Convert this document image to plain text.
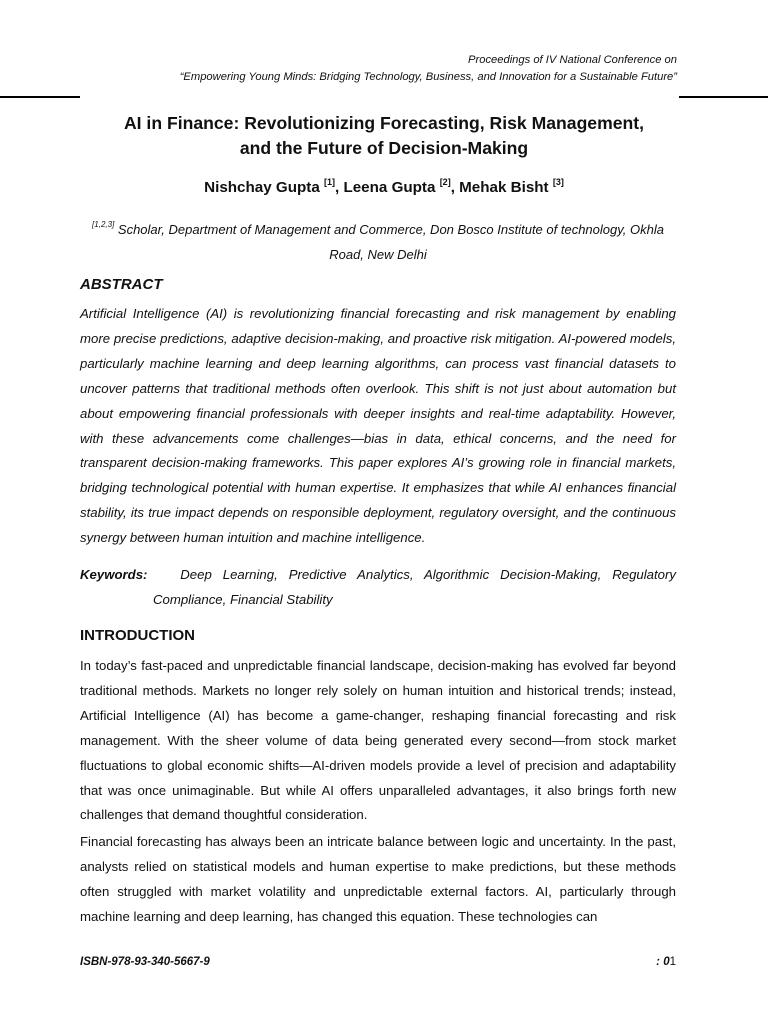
Proceedings of IV National Conference on
“Empowering Young Minds: Bridging Technology, Business, and Innovation for a Sustainable Future”
AI in Finance: Revolutionizing Forecasting, Risk Management,
and the Future of Decision-Making
Nishchay Gupta [1], Leena Gupta [2], Mehak Bisht [3]
[1,2,3] Scholar, Department of Management and Commerce, Don Bosco Institute of technology, Okhla Road, New Delhi
ABSTRACT
Artificial Intelligence (AI) is revolutionizing financial forecasting and risk management by enabling more precise predictions, adaptive decision-making, and proactive risk mitigation. AI-powered models, particularly machine learning and deep learning algorithms, can process vast financial datasets to uncover patterns that traditional methods often overlook. This shift is not just about automation but about empowering financial professionals with deeper insights and real-time adaptability. However, with these advancements come challenges—bias in data, ethical concerns, and the need for transparent decision-making frameworks. This paper explores AI’s growing role in financial markets, bridging technological potential with human expertise. It emphasizes that while AI enhances financial stability, its true impact depends on responsible deployment, regulatory oversight, and the continuous synergy between human intuition and machine intelligence.
Keywords: Deep Learning, Predictive Analytics, Algorithmic Decision-Making, Regulatory Compliance, Financial Stability
INTRODUCTION
In today’s fast-paced and unpredictable financial landscape, decision-making has evolved far beyond traditional methods. Markets no longer rely solely on human intuition and historical trends; instead, Artificial Intelligence (AI) has become a game-changer, reshaping financial forecasting and risk management. With the sheer volume of data being generated every second—from stock market fluctuations to global economic shifts—AI-driven models provide a level of precision and adaptability that was once unimaginable. But while AI offers unparalleled advantages, it also brings forth new challenges that demand thoughtful consideration.
Financial forecasting has always been an intricate balance between logic and uncertainty. In the past, analysts relied on statistical models and human expertise to make predictions, but these methods often struggled with market volatility and unpredictable external factors. AI, particularly through machine learning and deep learning, has changed this equation. These technologies can
ISBN-978-93-340-5667-9	: 01
